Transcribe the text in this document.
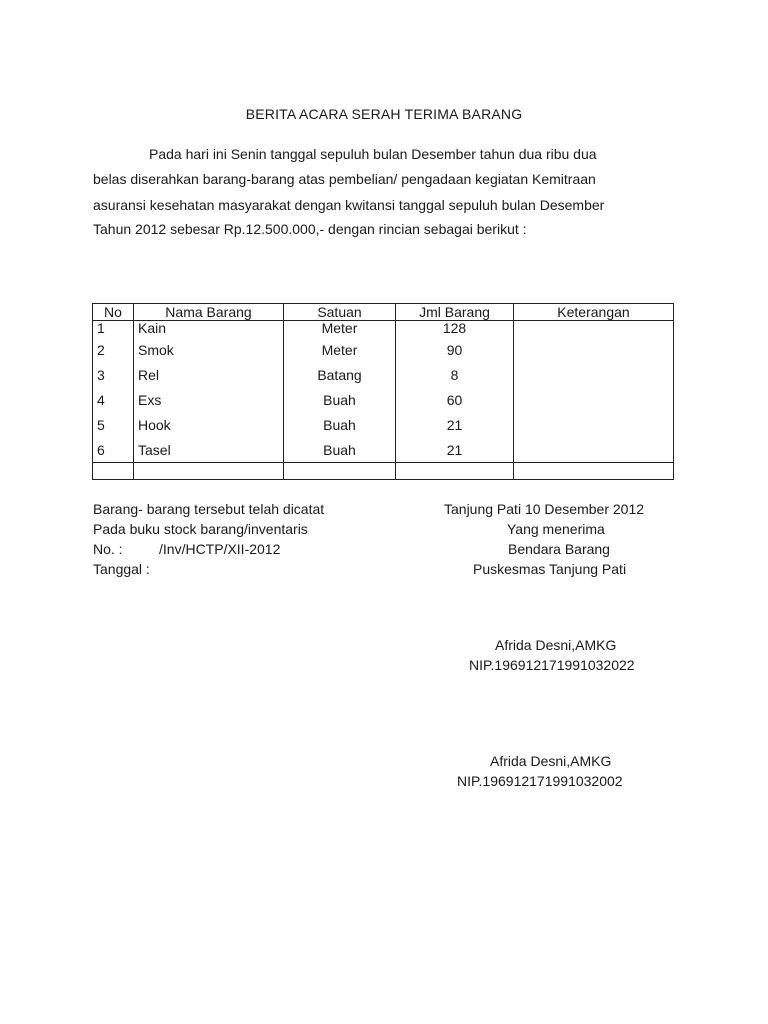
BERITA ACARA SERAH TERIMA BARANG
Pada hari ini Senin tanggal sepuluh bulan Desember tahun dua ribu dua
belas diserahkan barang-barang atas pembelian/ pengadaan kegiatan Kemitraan
asuransi kesehatan masyarakat dengan kwitansi tanggal sepuluh bulan Desember
Tahun 2012 sebesar Rp.12.500.000,- dengan rincian sebagai berikut :
No	Nama Barang	Satuan	Jml Barang	Keterangan
1	Kain	Meter	128	
2	Smok	Meter	90	
3	Rel	Batang	8	
4	Exs	Buah	60	
5	Hook	Buah	21	
6	Tasel	Buah	21	

Barang- barang tersebut telah dicatat
Pada buku stock barang/inventaris
No. :	/Inv/HCTP/XII-2012
Tanggal :
Tanjung Pati 10 Desember 2012
Yang menerima
Bendara Barang
Puskesmas Tanjung Pati
Afrida Desni,AMKG
NIP.196912171991032022
Afrida Desni,AMKG
NIP.196912171991032002
